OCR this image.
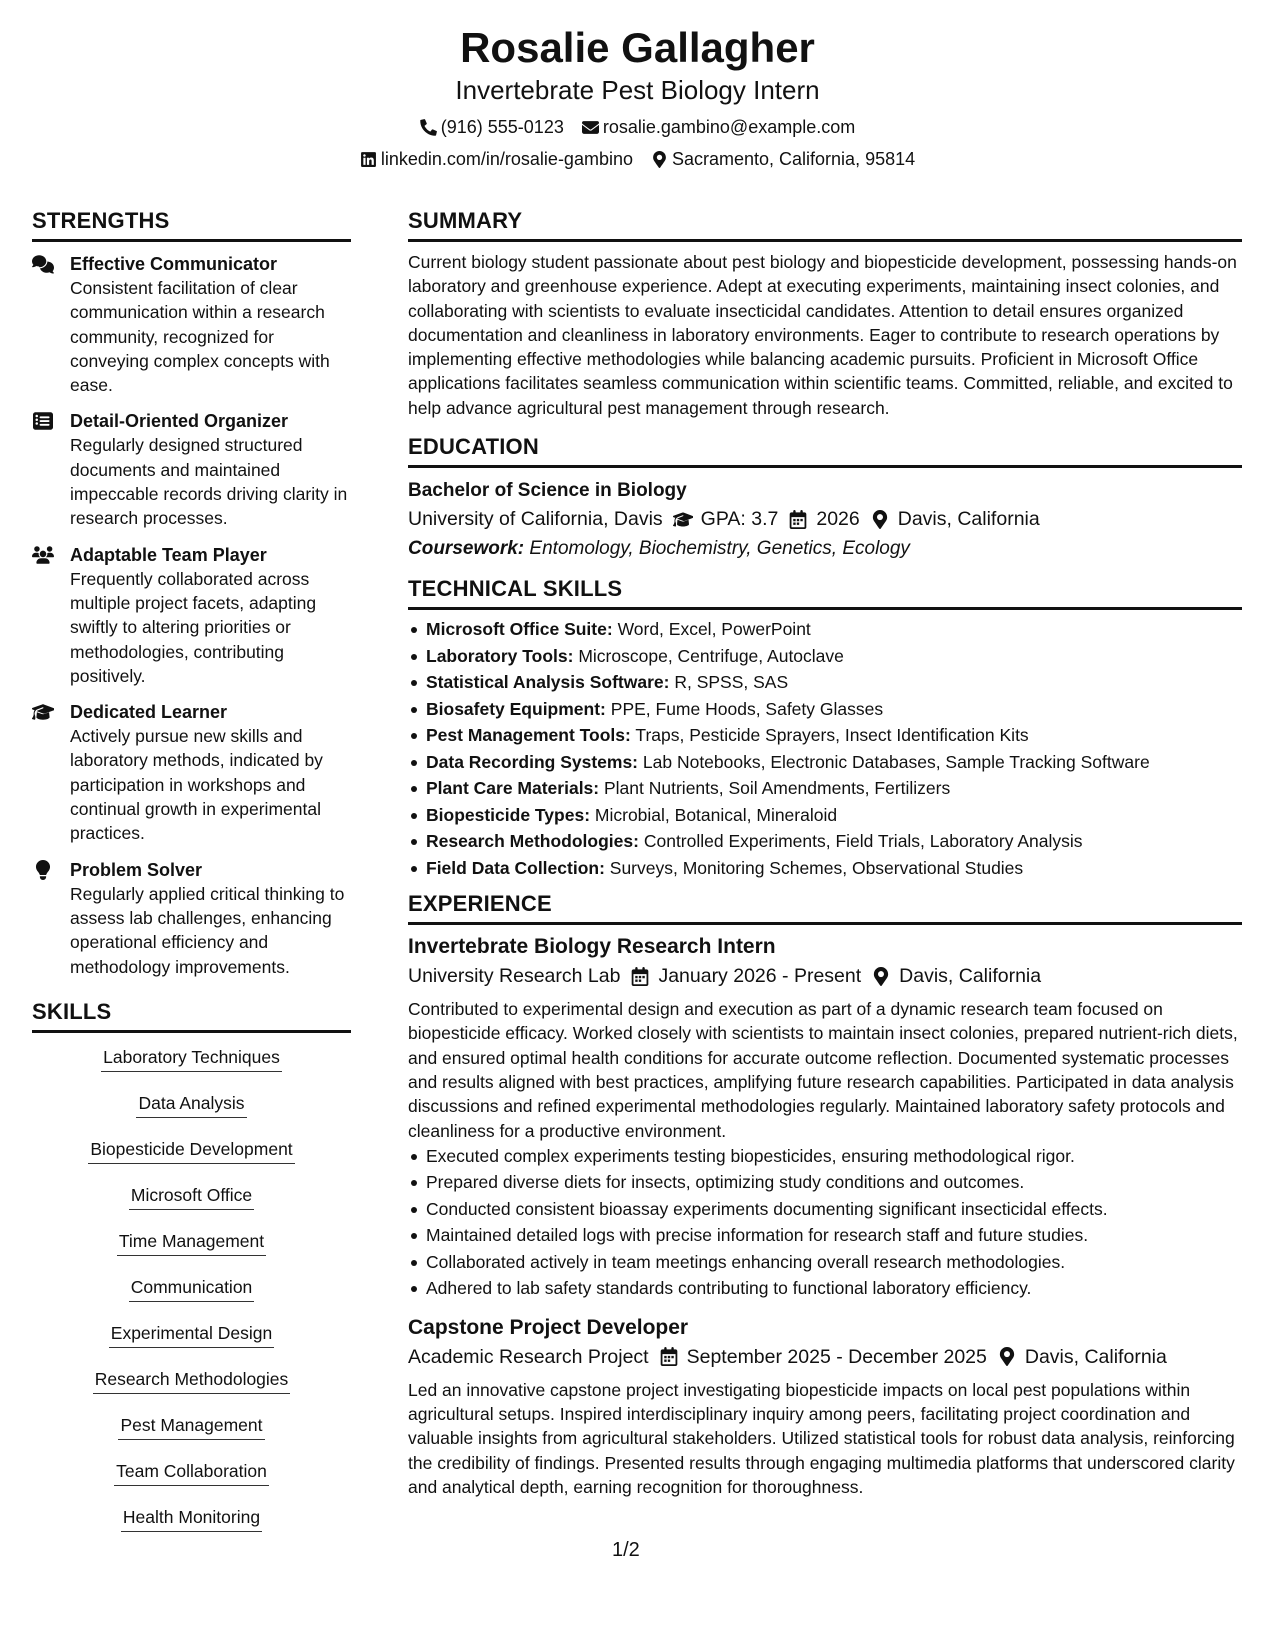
Rosalie Gallagher
Invertebrate Pest Biology Intern
(916) 555-0123 rosalie.gambino@example.com
linkedin.com/in/rosalie-gambino Sacramento, California, 95814
STRENGTHS
Effective Communicator
Consistent facilitation of clear communication within a research community, recognized for conveying complex concepts with ease.
Detail-Oriented Organizer
Regularly designed structured documents and maintained impeccable records driving clarity in research processes.
Adaptable Team Player
Frequently collaborated across multiple project facets, adapting swiftly to altering priorities or methodologies, contributing positively.
Dedicated Learner
Actively pursue new skills and laboratory methods, indicated by participation in workshops and continual growth in experimental practices.
Problem Solver
Regularly applied critical thinking to assess lab challenges, enhancing operational efficiency and methodology improvements.
SKILLS
Laboratory Techniques
Data Analysis
Biopesticide Development
Microsoft Office
Time Management
Communication
Experimental Design
Research Methodologies
Pest Management
Team Collaboration
Health Monitoring
SUMMARY
Current biology student passionate about pest biology and biopesticide development, possessing hands-on laboratory and greenhouse experience. Adept at executing experiments, maintaining insect colonies, and collaborating with scientists to evaluate insecticidal candidates. Attention to detail ensures organized documentation and cleanliness in laboratory environments. Eager to contribute to research operations by implementing effective methodologies while balancing academic pursuits. Proficient in Microsoft Office applications facilitates seamless communication within scientific teams. Committed, reliable, and excited to help advance agricultural pest management through research.
EDUCATION
Bachelor of Science in Biology
University of California, Davis GPA: 3.7 2026 Davis, California
Coursework: Entomology, Biochemistry, Genetics, Ecology
TECHNICAL SKILLS
Microsoft Office Suite: Word, Excel, PowerPoint
Laboratory Tools: Microscope, Centrifuge, Autoclave
Statistical Analysis Software: R, SPSS, SAS
Biosafety Equipment: PPE, Fume Hoods, Safety Glasses
Pest Management Tools: Traps, Pesticide Sprayers, Insect Identification Kits
Data Recording Systems: Lab Notebooks, Electronic Databases, Sample Tracking Software
Plant Care Materials: Plant Nutrients, Soil Amendments, Fertilizers
Biopesticide Types: Microbial, Botanical, Mineraloid
Research Methodologies: Controlled Experiments, Field Trials, Laboratory Analysis
Field Data Collection: Surveys, Monitoring Schemes, Observational Studies
EXPERIENCE
Invertebrate Biology Research Intern
University Research Lab January 2026 - Present Davis, California
Contributed to experimental design and execution as part of a dynamic research team focused on biopesticide efficacy. Worked closely with scientists to maintain insect colonies, prepared nutrient-rich diets, and ensured optimal health conditions for accurate outcome reflection. Documented systematic processes and results aligned with best practices, amplifying future research capabilities. Participated in data analysis discussions and refined experimental methodologies regularly. Maintained laboratory safety protocols and cleanliness for a productive environment.
Executed complex experiments testing biopesticides, ensuring methodological rigor.
Prepared diverse diets for insects, optimizing study conditions and outcomes.
Conducted consistent bioassay experiments documenting significant insecticidal effects.
Maintained detailed logs with precise information for research staff and future studies.
Collaborated actively in team meetings enhancing overall research methodologies.
Adhered to lab safety standards contributing to functional laboratory efficiency.
Capstone Project Developer
Academic Research Project September 2025 - December 2025 Davis, California
Led an innovative capstone project investigating biopesticide impacts on local pest populations within agricultural setups. Inspired interdisciplinary inquiry among peers, facilitating project coordination and valuable insights from agricultural stakeholders. Utilized statistical tools for robust data analysis, reinforcing the credibility of findings. Presented results through engaging multimedia platforms that underscored clarity and analytical depth, earning recognition for thoroughness.
1/2
